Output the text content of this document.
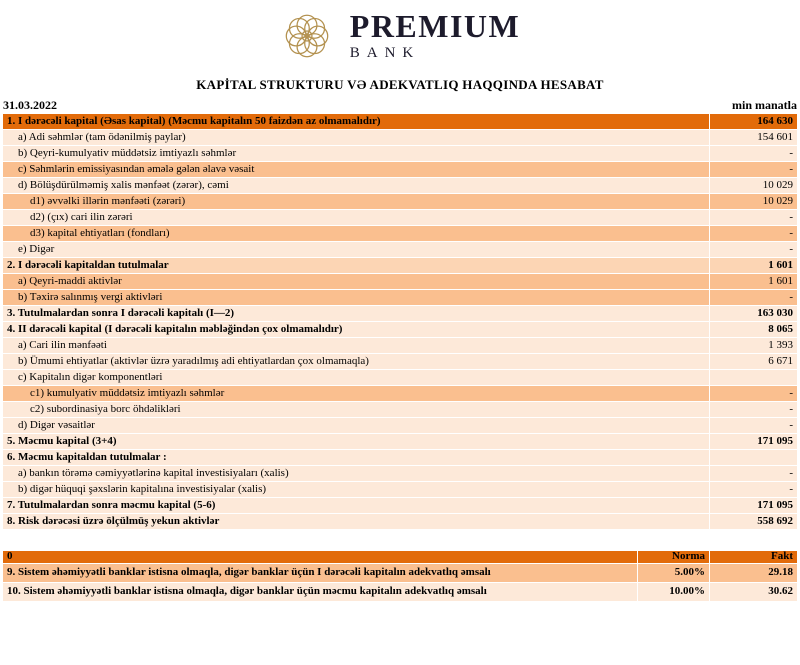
PREMIUM
BANK
KAPİTAL STRUKTURU VƏ ADEKVATLIQ HAQQINDA HESABAT
31.03.2022	min manatla
1. I dərəcəli kapital (Əsas kapital) (Məcmu kapitalın 50 faizdən az olmamalıdır)	164 630
a) Adi səhmlər (tam ödənilmiş paylar)	154 601
b) Qeyri-kumulyativ müddətsiz imtiyazlı səhmlər	-
c) Səhmlərin emissiyasından əmələ gələn əlavə vəsait	-
d) Bölüşdürülməmiş xalis mənfəət (zərər), cəmi	10 029
d1) əvvəlki illərin mənfəəti (zərəri)	10 029
d2) (çıx) cari ilin zərəri	-
d3) kapital ehtiyatları (fondları)	-
e) Digər	-
2. I dərəcəli kapitaldan tutulmalar	1 601
a) Qeyri-maddi aktivlər	1 601
b) Təxirə salınmış vergi aktivləri	-
3. Tutulmalardan sonra I dərəcəli kapitalı (I—2)	163 030
4. II dərəcəli kapital (I dərəcəli kapitalın məbləğindən çox olmamalıdır)	8 065
a) Cari ilin mənfəəti	1 393
b) Ümumi ehtiyatlar (aktivlər üzrə yaradılmış adi ehtiyatlardan çox olmamaqla)	6 671
c) Kapitalın digər komponentləri	
c1) kumulyativ müddətsiz imtiyazlı səhmlər	-
c2) subordinasiya borc öhdəlikləri	-
d) Digər vəsaitlər	-
5. Məcmu kapital (3+4)	171 095
6. Məcmu kapitaldan tutulmalar :	
a) bankın törəmə cəmiyyətlərinə kapital investisiyaları (xalis)	-
b) digər hüquqi şəxslərin kapitalına investisiyalar (xalis)	-
7. Tutulmalardan sonra məcmu kapital (5-6)	171 095
8. Risk dərəcəsi üzrə ölçülmüş yekun aktivlər	558 692
0	Norma	Fakt
9. Sistem əhəmiyyətli banklar istisna olmaqla, digər banklar üçün I dərəcəli kapitalın adekvatlıq əmsalı	5.00%	29.18
10. Sistem əhəmiyyətli banklar istisna olmaqla, digər banklar üçün məcmu kapitalın adekvatlıq əmsalı	10.00%	30.62
